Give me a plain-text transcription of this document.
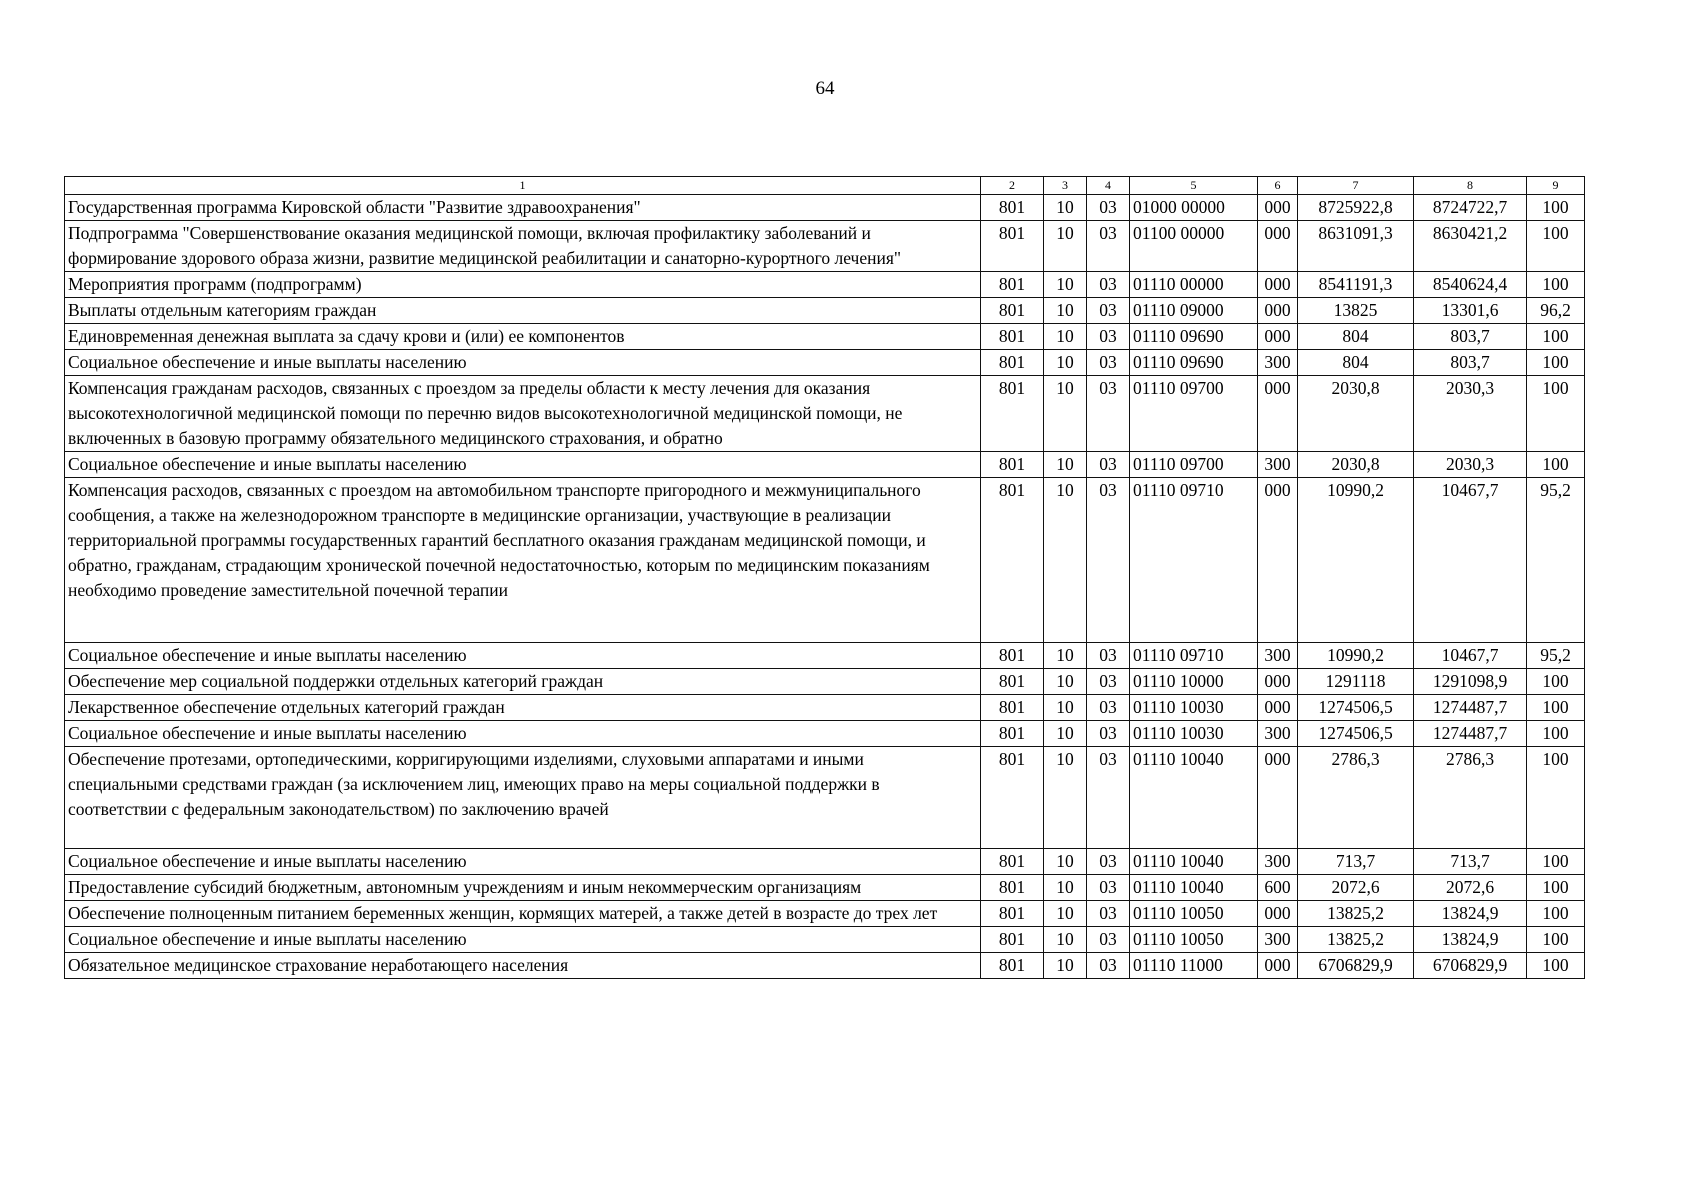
64
1	2	3	4	5	6	7	8	9
Государственная программа Кировской области "Развитие здравоохранения"	801	10	03	01000 00000	000	8725922,8	8724722,7	100
Подпрограмма "Совершенствование оказания медицинской помощи, включая профилактику заболеваний и формирование здорового образа жизни, развитие медицинской реабилитации и санаторно-курортного лечения"	801	10	03	01100 00000	000	8631091,3	8630421,2	100
Мероприятия программ (подпрограмм)	801	10	03	01110 00000	000	8541191,3	8540624,4	100
Выплаты отдельным категориям граждан	801	10	03	01110 09000	000	13825	13301,6	96,2
Единовременная денежная выплата за сдачу крови и (или) ее компонентов	801	10	03	01110 09690	000	804	803,7	100
Социальное обеспечение и иные выплаты населению	801	10	03	01110 09690	300	804	803,7	100
Компенсация гражданам расходов, связанных с проездом за пределы области к месту лечения для оказания высокотехнологичной медицинской помощи по перечню видов высокотехнологичной медицинской помощи, не включенных в базовую программу обязательного медицинского страхования, и обратно	801	10	03	01110 09700	000	2030,8	2030,3	100
Социальное обеспечение и иные выплаты населению	801	10	03	01110 09700	300	2030,8	2030,3	100
Компенсация расходов, связанных с проездом на автомобильном транспорте пригородного и межмуниципального сообщения, а также на железнодорожном транспорте в медицинские организации, участвующие в реализации территориальной программы государственных гарантий бесплатного оказания гражданам медицинской помощи, и обратно, гражданам, страдающим хронической почечной недостаточностью, которым по медицинским показаниям необходимо проведение заместительной почечной терапии	801	10	03	01110 09710	000	10990,2	10467,7	95,2
Социальное обеспечение и иные выплаты населению	801	10	03	01110 09710	300	10990,2	10467,7	95,2
Обеспечение мер социальной поддержки отдельных категорий граждан	801	10	03	01110 10000	000	1291118	1291098,9	100
Лекарственное обеспечение отдельных категорий граждан	801	10	03	01110 10030	000	1274506,5	1274487,7	100
Социальное обеспечение и иные выплаты населению	801	10	03	01110 10030	300	1274506,5	1274487,7	100
Обеспечение протезами, ортопедическими, корригирующими изделиями, слуховыми аппаратами и иными специальными средствами граждан (за исключением лиц, имеющих право на меры социальной поддержки в соответствии с федеральным законодательством) по заключению врачей	801	10	03	01110 10040	000	2786,3	2786,3	100
Социальное обеспечение и иные выплаты населению	801	10	03	01110 10040	300	713,7	713,7	100
Предоставление субсидий бюджетным, автономным учреждениям и иным некоммерческим организациям	801	10	03	01110 10040	600	2072,6	2072,6	100
Обеспечение полноценным питанием беременных женщин, кормящих матерей, а также детей в возрасте до трех лет	801	10	03	01110 10050	000	13825,2	13824,9	100
Социальное обеспечение и иные выплаты населению	801	10	03	01110 10050	300	13825,2	13824,9	100
Обязательное медицинское страхование неработающего населения	801	10	03	01110 11000	000	6706829,9	6706829,9	100
